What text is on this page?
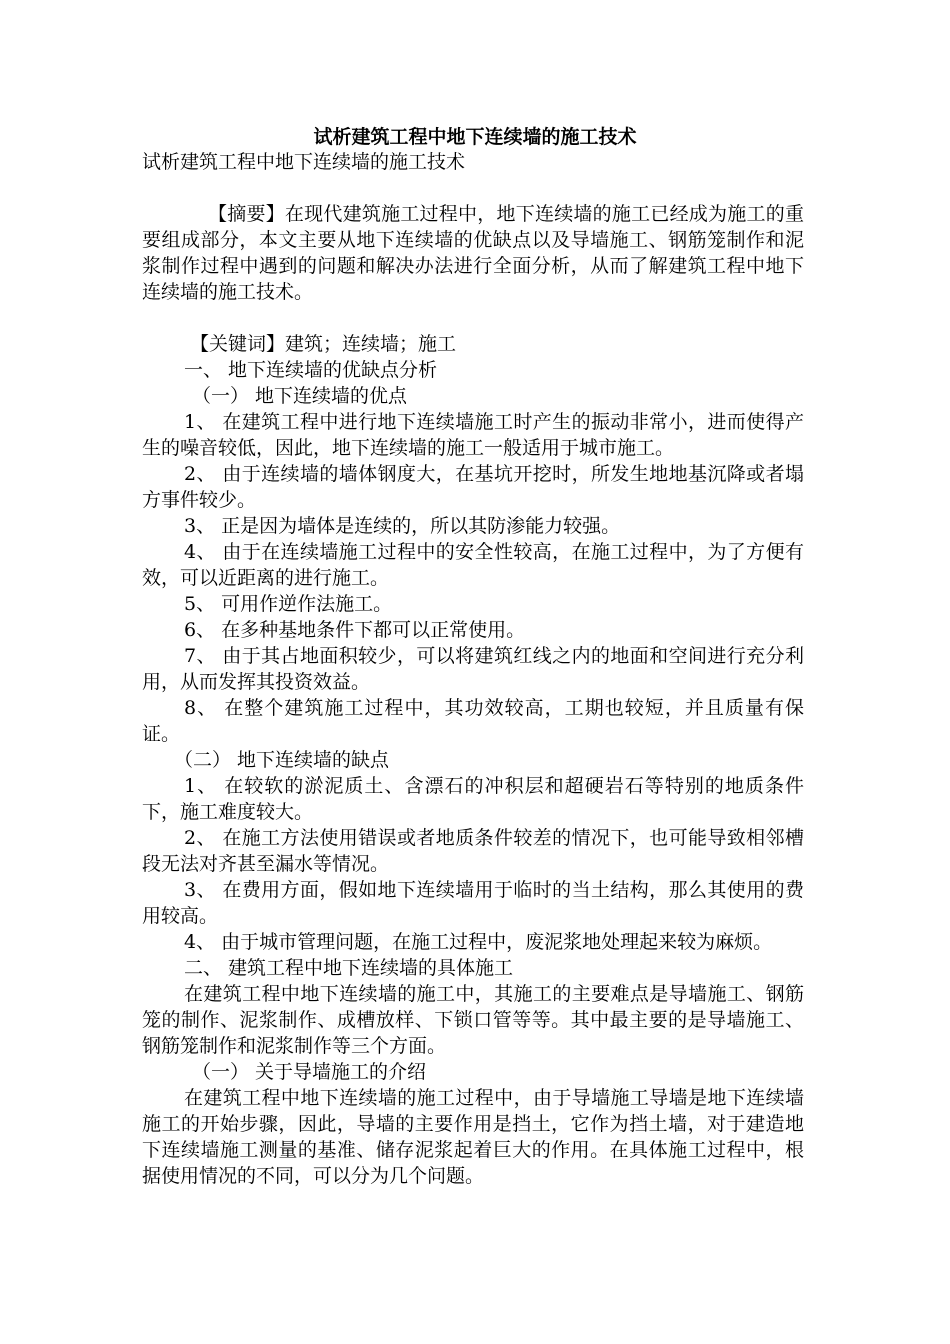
试析建筑工程中地下连续墙的施工技术

试析建筑工程中地下连续墙的施工技术

【摘要】在现代建筑施工过程中，地下连续墙的施工已经成为施工的重要组成部分，本文主要从地下连续墙的优缺点以及导墙施工、钢筋笼制作和泥浆制作过程中遇到的问题和解决办法进行全面分析，从而了解建筑工程中地下连续墙的施工技术。

【关键词】建筑；连续墙；施工

一、 地下连续墙的优缺点分析

（一） 地下连续墙的优点

1、 在建筑工程中进行地下连续墙施工时产生的振动非常小，进而使得产生的噪音较低，因此，地下连续墙的施工一般适用于城市施工。

2、 由于连续墙的墙体钢度大，在基坑开挖时，所发生地地基沉降或者塌方事件较少。

3、 正是因为墙体是连续的，所以其防渗能力较强。

4、 由于在连续墙施工过程中的安全性较高，在施工过程中，为了方便有效，可以近距离的进行施工。

5、 可用作逆作法施工。

6、 在多种基地条件下都可以正常使用。

7、 由于其占地面积较少，可以将建筑红线之内的地面和空间进行充分利用，从而发挥其投资效益。

8、 在整个建筑施工过程中，其功效较高，工期也较短，并且质量有保证。

（二） 地下连续墙的缺点

1、 在较软的淤泥质土、含漂石的冲积层和超硬岩石等特别的地质条件下，施工难度较大。

2、 在施工方法使用错误或者地质条件较差的情况下，也可能导致相邻槽段无法对齐甚至漏水等情况。

3、 在费用方面，假如地下连续墙用于临时的当土结构，那么其使用的费用较高。

4、 由于城市管理问题，在施工过程中，废泥浆地处理起来较为麻烦。

二、 建筑工程中地下连续墙的具体施工

在建筑工程中地下连续墙的施工中，其施工的主要难点是导墙施工、钢筋笼的制作、泥浆制作、成槽放样、下锁口管等等。其中最主要的是导墙施工、钢筋笼制作和泥浆制作等三个方面。

（一） 关于导墙施工的介绍

在建筑工程中地下连续墙的施工过程中，由于导墙施工导墙是地下连续墙施工的开始步骤，因此，导墙的主要作用是挡土，它作为挡土墙，对于建造地下连续墙施工测量的基准、储存泥浆起着巨大的作用。在具体施工过程中，根据使用情况的不同，可以分为几个问题。
